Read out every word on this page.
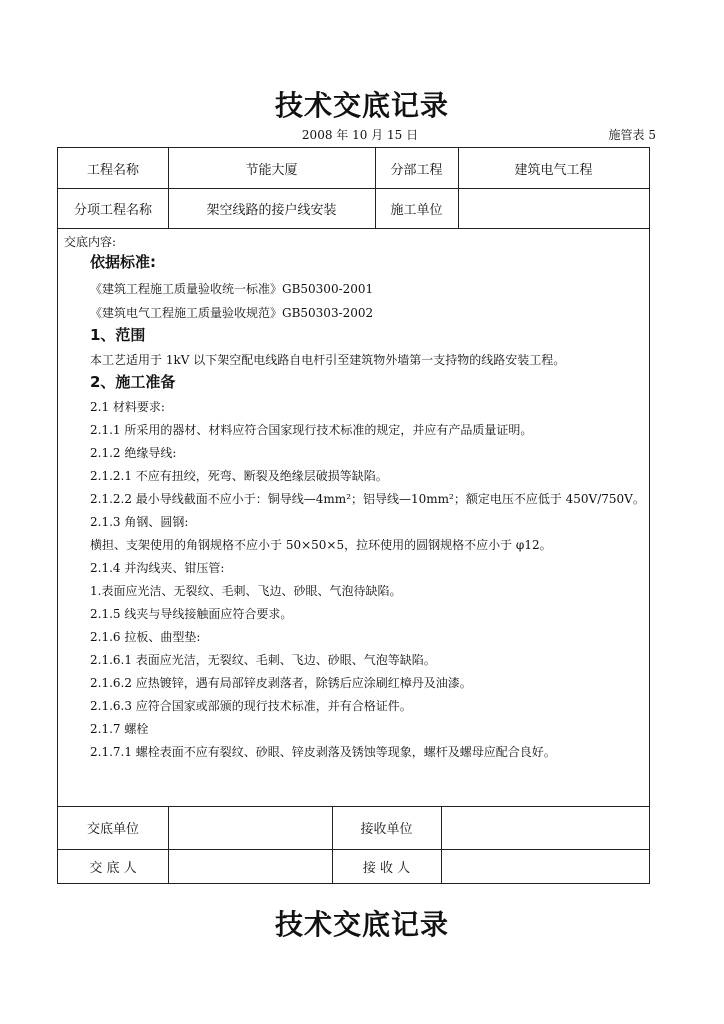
技术交底记录
2008 年 10 月 15 日	施管表 5
工程名称	节能大厦	分部工程	建筑电气工程
分项工程名称	架空线路的接户线安装	施工单位
交底内容:
依据标准:
《建筑工程施工质量验收统一标准》GB50300-2001
《建筑电气工程施工质量验收规范》GB50303-2002
1、范围
本工艺适用于 1kV 以下架空配电线路自电杆引至建筑物外墙第一支持物的线路安装工程。
2、施工准备
2.1 材料要求:
2.1.1 所采用的器材、材料应符合国家现行技术标准的规定，并应有产品质量证明。
2.1.2 绝缘导线:
2.1.2.1 不应有扭绞，死弯、断裂及绝缘层破损等缺陷。
2.1.2.2 最小导线截面不应小于：铜导线—4mm²；铝导线—10mm²；额定电压不应低于 450V/750V。
2.1.3 角钢、圆钢:
横担、支架使用的角钢规格不应小于 50×50×5，拉环使用的圆钢规格不应小于 φ12。
2.1.4 并沟线夹、钳压管:
1.表面应光洁、无裂纹、毛刺、飞边、砂眼、气泡待缺陷。
2.1.5 线夹与导线接触面应符合要求。
2.1.6 拉板、曲型垫:
2.1.6.1 表面应光洁，无裂纹、毛刺、飞边、砂眼、气泡等缺陷。
2.1.6.2 应热镀锌，遇有局部锌皮剥落者，除锈后应涂刷红樟丹及油漆。
2.1.6.3 应符合国家或部颁的现行技术标准，并有合格证件。
2.1.7 螺栓
2.1.7.1 螺栓表面不应有裂纹、砂眼、锌皮剥落及锈蚀等现象，螺杆及螺母应配合良好。
交底单位	接收单位
交 底 人	接 收 人
技术交底记录
